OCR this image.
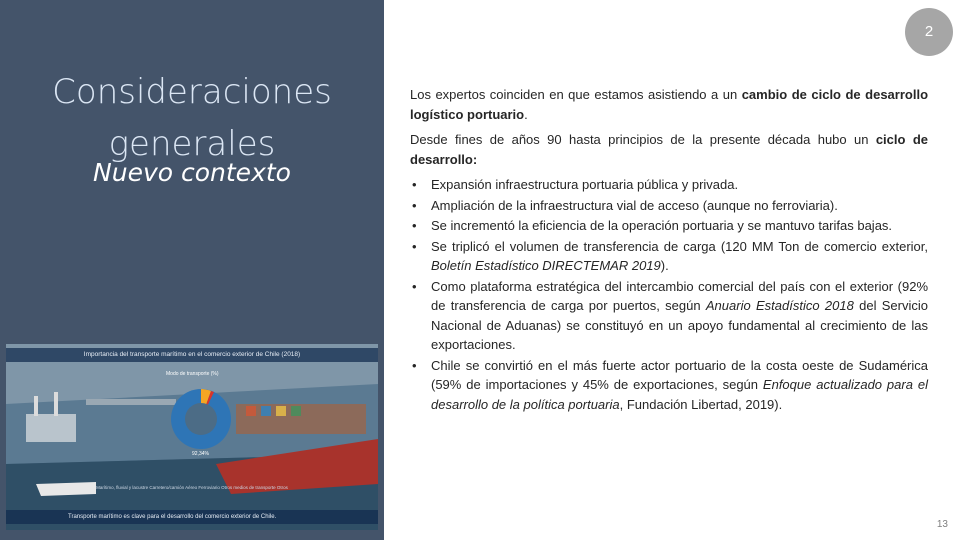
Consideraciones generales
Nuevo contexto
Importancia del transporte marítimo en el comercio exterior de Chile (2018)
Modo de transporte (%)
92,34%
Marítimo, fluvial y lacustre Carretero/camión Aéreo Ferroviario Otros medios de transporte Otros
Transporte marítimo es clave para el desarrollo del comercio exterior de Chile.
2

Los expertos coinciden en que estamos asistiendo a un cambio de ciclo de desarrollo logístico portuario.

Desde fines de años 90 hasta principios de la presente década hubo un ciclo de desarrollo:

• Expansión infraestructura portuaria pública y privada.
• Ampliación de la infraestructura vial de acceso (aunque no ferroviaria).
• Se incrementó la eficiencia de la operación portuaria y se mantuvo tarifas bajas.
• Se triplicó el volumen de transferencia de carga (120 MM Ton de comercio exterior, Boletín Estadístico DIRECTEMAR 2019).
• Como plataforma estratégica del intercambio comercial del país con el exterior (92% de transferencia de carga por puertos, según Anuario Estadístico 2018 del Servicio Nacional de Aduanas) se constituyó en un apoyo fundamental al crecimiento de las exportaciones.
• Chile se convirtió en el más fuerte actor portuario de la costa oeste de Sudamérica (59% de importaciones y 45% de exportaciones, según Enfoque actualizado para el desarrollo de la política portuaria, Fundación Libertad, 2019).
13
